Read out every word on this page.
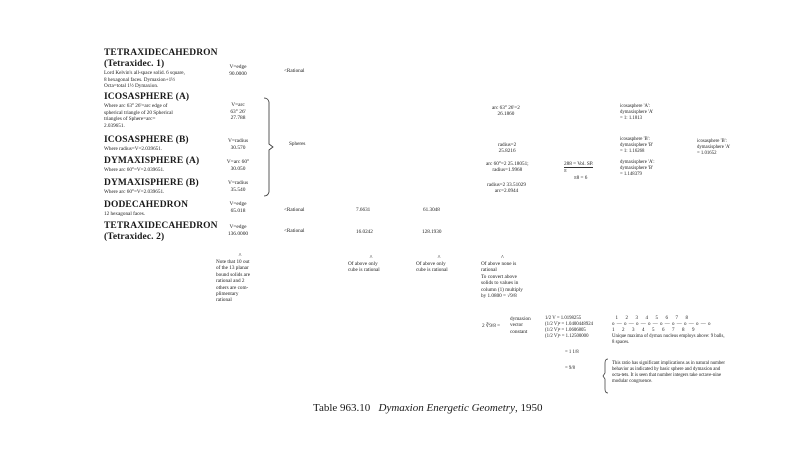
TETRAXIDECAHEDRON
(Tetraxidec. 1)
Lord Kelvin's all-space solid. 6 square,
8 hexagonal faces. Dymaxion+1½
Octa=total 1½ Dymaxion.
ICOSASPHERE (A)
Where arc 63° 26'=arc edge of
spherical triangle of 20 Spherical
triangles of Sphere=arc=
2.039651.
ICOSASPHERE (B)
Where radius=V=2.039651.
DYMAXISPHERE (A)
Where arc 60°=V=2.039651.
DYMAXISPHERE (B)
Where arc 60°=V=2.039651.
DODECAHEDRON
12 hexagonal faces.
TETRAXIDECAHEDRON
(Tetraxidec. 2)
V=edge
90.0000
V=arc
63° 26'
27.788
V=radius
30.570
V=arc 60°
30.050
V=radius
35.540
V=edge
65.018
V=edge
136.0000
<Rational
<Rational
<Rational
Spheres
7.6631	61.3048
16.0242	128.1930
arc 63° 26'=2
26.1860
radius=2
25.8216
arc 60°=2 25.18051;
radius=1.9968
radius=2 33.51029
arc=2.0944
288 = Vol. SP.
π
π8 = 6
icosasphere 'A':
dymaxisphere 'A'
= 1: 1.1813
icosasphere 'B':
dymaxisphere 'B'
= 1: 1.16268
dymaxisphere 'A':
dymaxisphere 'B'
= 1.148379
icosasphere 'B':
dymaxisphere 'A'
= 1.01652
^
Note that 10 out
of the 13 planar
bound solids are
rational and 2
others are com-
plimentary
rational
^
Of above only
cube is rational
^
Of above only
cube is rational
^
Of above none is
rational
To convert above
solids to values in
column (1) multiply
by 1.0800 = √9/8
2 ∛9/8 =
dymaxion
vector
constant
1/2 V = 1.0198255
(1/2 V)² = 1.0400448924
(1/2 V)³ = 1.0606805
(1/2 V)⁶ = 1.12500000
= 1 1/8
= 9/8
1    2    3    4    5    6    7    8
o — o — o — o — o — o — o — o — o
1    2    3    4    5    6    7    8    9
Unique maxima of dymax nucleus employs above: 9 balls,
8 spaces.
This ratio has significant implications as in natural number
behavior as indicated by basic sphere and dymaxion and
octa-tets. It is seen that number integers take octave-nine
modular congruence.
Table 963.10 Dymaxion Energetic Geometry, 1950
